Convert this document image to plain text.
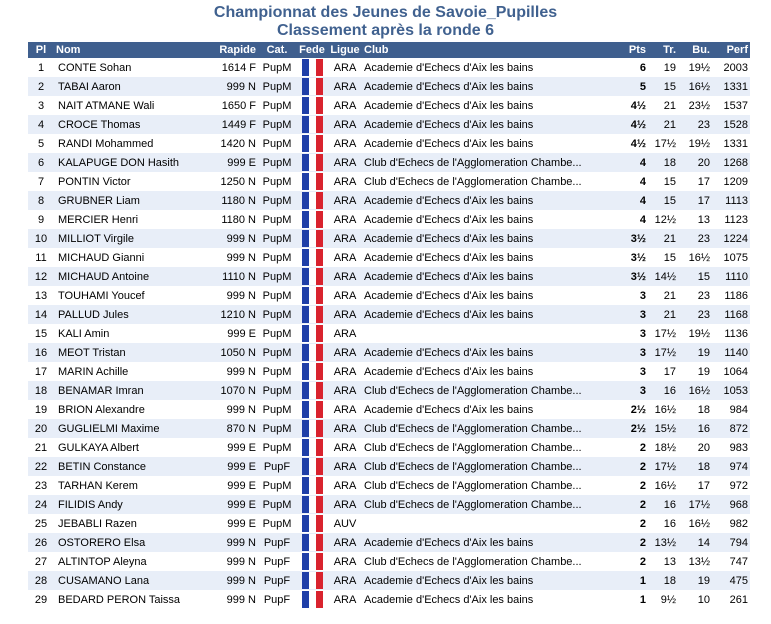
Championnat des Jeunes de Savoie_Pupilles
Classement après la ronde 6
Pl	Nom	Rapide	Cat.	Fede	Ligue	Club	Pts	Tr.	Bu.	Perf
1	CONTE Sohan	1614 F	PupM		ARA	Academie d'Echecs d'Aix les bains	6	19	19½	2003
2	TABAI Aaron	999 N	PupM		ARA	Academie d'Echecs d'Aix les bains	5	15	16½	1331
3	NAIT ATMANE Wali	1650 F	PupM		ARA	Academie d'Echecs d'Aix les bains	4½	21	23½	1537
4	CROCE Thomas	1449 F	PupM		ARA	Academie d'Echecs d'Aix les bains	4½	21	23	1528
5	RANDI Mohammed	1420 N	PupM		ARA	Academie d'Echecs d'Aix les bains	4½	17½	19½	1331
6	KALAPUGE DON Hasith	999 E	PupM		ARA	Club d'Echecs de l'Agglomeration Chambe...	4	18	20	1268
7	PONTIN Victor	1250 N	PupM		ARA	Club d'Echecs de l'Agglomeration Chambe...	4	15	17	1209
8	GRUBNER Liam	1180 N	PupM		ARA	Academie d'Echecs d'Aix les bains	4	15	17	1113
9	MERCIER Henri	1180 N	PupM		ARA	Academie d'Echecs d'Aix les bains	4	12½	13	1123
10	MILLIOT Virgile	999 N	PupM		ARA	Academie d'Echecs d'Aix les bains	3½	21	23	1224
11	MICHAUD Gianni	999 N	PupM		ARA	Academie d'Echecs d'Aix les bains	3½	15	16½	1075
12	MICHAUD Antoine	1110 N	PupM		ARA	Academie d'Echecs d'Aix les bains	3½	14½	15	1110
13	TOUHAMI Youcef	999 N	PupM		ARA	Academie d'Echecs d'Aix les bains	3	21	23	1186
14	PALLUD Jules	1210 N	PupM		ARA	Academie d'Echecs d'Aix les bains	3	21	23	1168
15	KALI Amin	999 E	PupM		ARA		3	17½	19½	1136
16	MEOT Tristan	1050 N	PupM		ARA	Academie d'Echecs d'Aix les bains	3	17½	19	1140
17	MARIN Achille	999 N	PupM		ARA	Academie d'Echecs d'Aix les bains	3	17	19	1064
18	BENAMAR Imran	1070 N	PupM		ARA	Club d'Echecs de l'Agglomeration Chambe...	3	16	16½	1053
19	BRION Alexandre	999 N	PupM		ARA	Academie d'Echecs d'Aix les bains	2½	16½	18	984
20	GUGLIELMI Maxime	870 N	PupM		ARA	Club d'Echecs de l'Agglomeration Chambe...	2½	15½	16	872
21	GULKAYA Albert	999 E	PupM		ARA	Club d'Echecs de l'Agglomeration Chambe...	2	18½	20	983
22	BETIN Constance	999 E	PupF		ARA	Club d'Echecs de l'Agglomeration Chambe...	2	17½	18	974
23	TARHAN Kerem	999 E	PupM		ARA	Club d'Echecs de l'Agglomeration Chambe...	2	16½	17	972
24	FILIDIS Andy	999 E	PupM		ARA	Club d'Echecs de l'Agglomeration Chambe...	2	16	17½	968
25	JEBABLI Razen	999 E	PupM		AUV		2	16	16½	982
26	OSTORERO Elsa	999 N	PupF		ARA	Academie d'Echecs d'Aix les bains	2	13½	14	794
27	ALTINTOP Aleyna	999 N	PupF		ARA	Club d'Echecs de l'Agglomeration Chambe...	2	13	13½	747
28	CUSAMANO Lana	999 N	PupF		ARA	Academie d'Echecs d'Aix les bains	1	18	19	475
29	BEDARD PERON Taissa	999 N	PupF		ARA	Academie d'Echecs d'Aix les bains	1	9½	10	261
